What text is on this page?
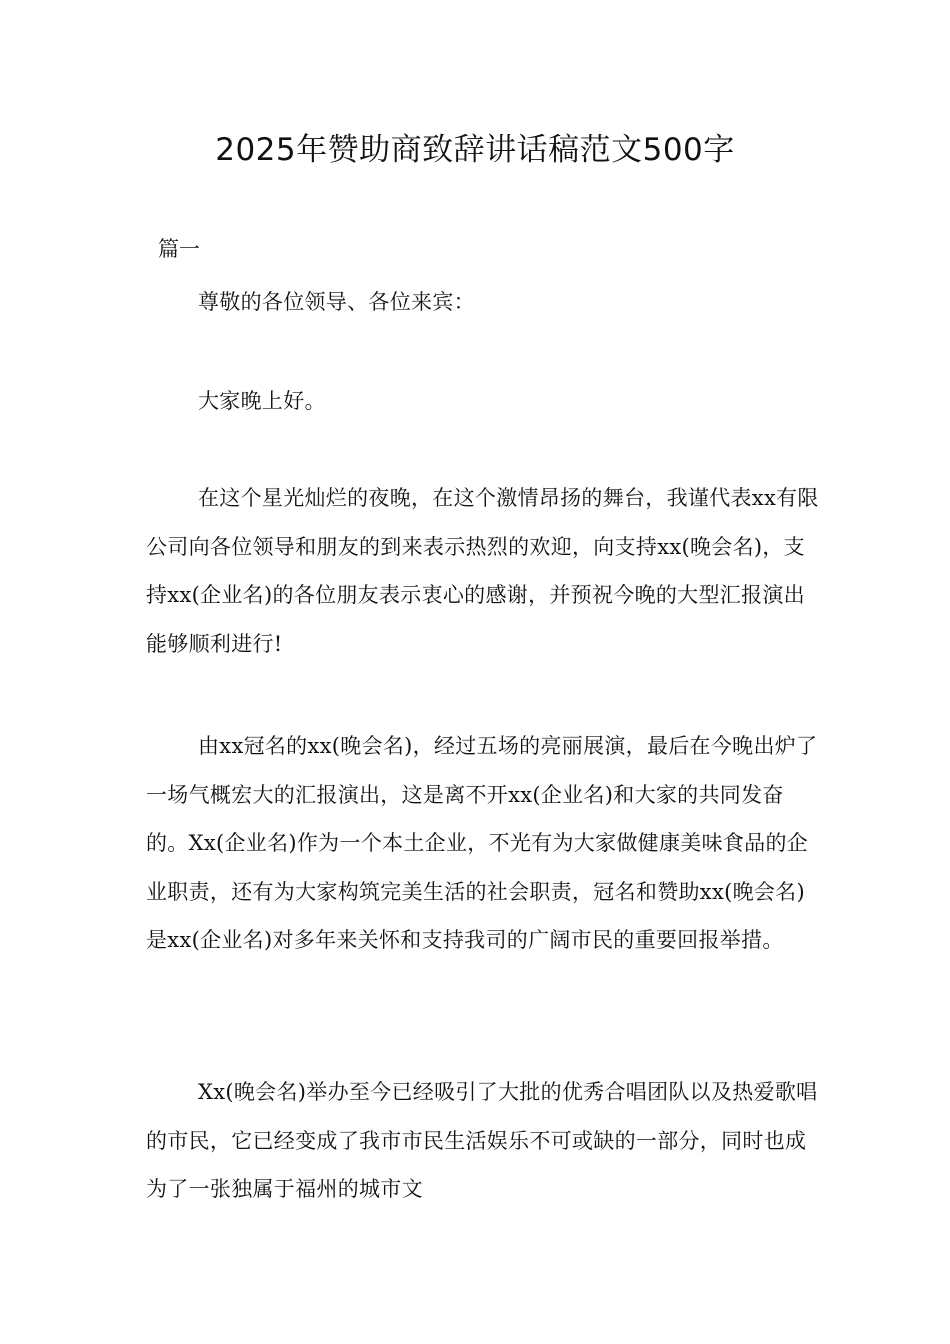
2025年赞助商致辞讲话稿范文500字
篇一
尊敬的各位领导、各位来宾：
大家晚上好。
在这个星光灿烂的夜晚，在这个激情昂扬的舞台，我谨代表xx有限公司向各位领导和朋友的到来表示热烈的欢迎，向支持xx(晚会名)，支持xx(企业名)的各位朋友表示衷心的感谢，并预祝今晚的大型汇报演出能够顺利进行!
由xx冠名的xx(晚会名)，经过五场的亮丽展演，最后在今晚出炉了一场气概宏大的汇报演出，这是离不开xx(企业名)和大家的共同发奋的。Xx(企业名)作为一个本土企业，不光有为大家做健康美味食品的企业职责，还有为大家构筑完美生活的社会职责，冠名和赞助xx(晚会名)是xx(企业名)对多年来关怀和支持我司的广阔市民的重要回报举措。
Xx(晚会名)举办至今已经吸引了大批的优秀合唱团队以及热爱歌唱的市民，它已经变成了我市市民生活娱乐不可或缺的一部分，同时也成为了一张独属于福州的城市文
